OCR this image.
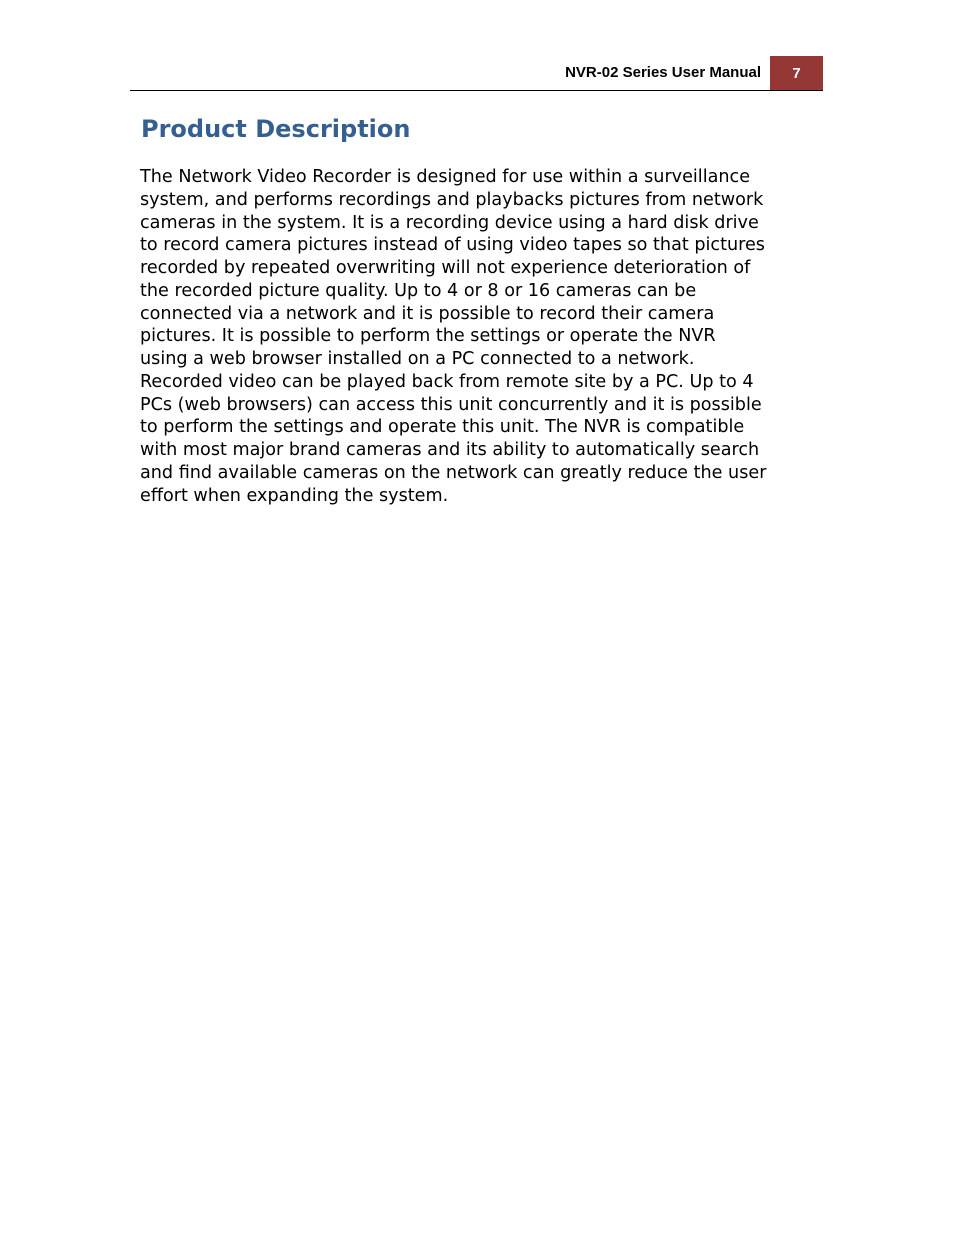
NVR-02 Series User Manual	7
Product Description

The Network Video Recorder is designed for use within a surveillance
system, and performs recordings and playbacks pictures from network
cameras in the system. It is a recording device using a hard disk drive
to record camera pictures instead of using video tapes so that pictures
recorded by repeated overwriting will not experience deterioration of
the recorded picture quality. Up to 4 or 8 or 16 cameras can be
connected via a network and it is possible to record their camera
pictures. It is possible to perform the settings or operate the NVR
using a web browser installed on a PC connected to a network.
Recorded video can be played back from remote site by a PC. Up to 4
PCs (web browsers) can access this unit concurrently and it is possible
to perform the settings and operate this unit. The NVR is compatible
with most major brand cameras and its ability to automatically search
and find available cameras on the network can greatly reduce the user
effort when expanding the system.
